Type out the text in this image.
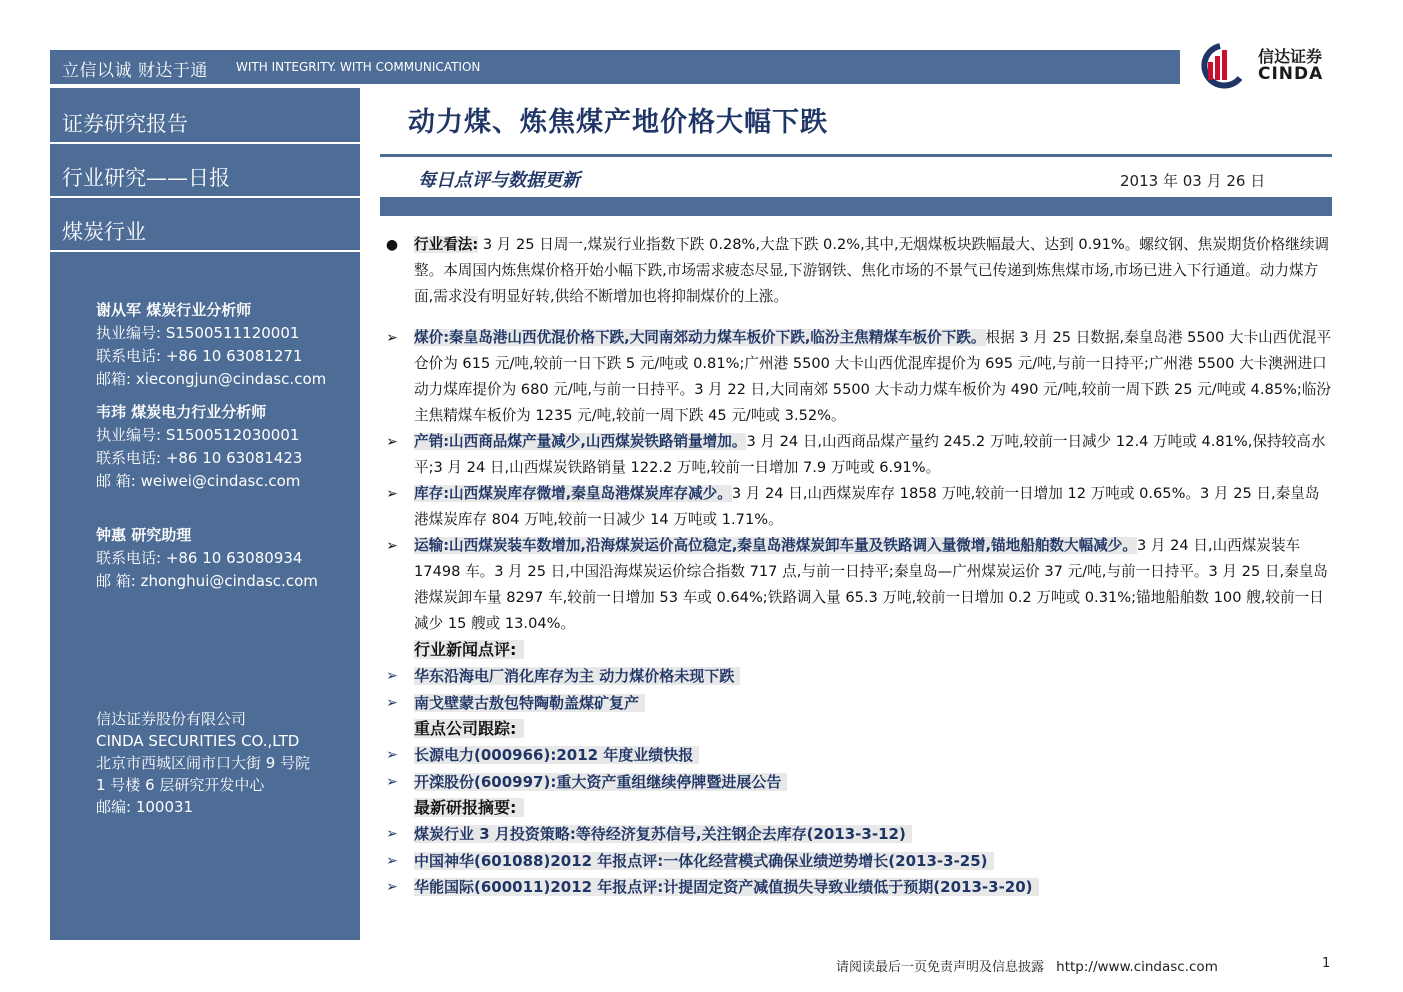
立信以诚 财达于通 WITH INTEGRITY. WITH COMMUNICATION
信达证券
CINDA
证券研究报告
行业研究——日报
煤炭行业
谢从军 煤炭行业分析师
执业编号: S1500511120001
联系电话: +86 10 63081271
邮箱: xiecongjun@cindasc.com
韦玮 煤炭电力行业分析师
执业编号: S1500512030001
联系电话: +86 10 63081423
邮 箱: weiwei@cindasc.com
钟惠 研究助理
联系电话: +86 10 63080934
邮 箱: zhonghui@cindasc.com
信达证券股份有限公司
CINDA SECURITIES CO.,LTD
北京市西城区闹市口大街 9 号院
1 号楼 6 层研究开发中心
邮编: 100031
动力煤、炼焦煤产地价格大幅下跌
每日点评与数据更新	2013 年 03 月 26 日
●	行业看法: 3 月 25 日周一,煤炭行业指数下跌 0.28%,大盘下跌 0.2%,其中,无烟煤板块跌幅最大、达到 0.91%。螺纹钢、焦炭期货价格继续调整。本周国内炼焦煤价格开始小幅下跌,市场需求疲态尽显,下游钢铁、焦化市场的不景气已传递到炼焦煤市场,市场已进入下行通道。动力煤方面,需求没有明显好转,供给不断增加也将抑制煤价的上涨。
➢	煤价:秦皇岛港山西优混价格下跌,大同南郊动力煤车板价下跌,临汾主焦精煤车板价下跌。根据 3 月 25 日数据,秦皇岛港 5500 大卡山西优混平仓价为 615 元/吨,较前一日下跌 5 元/吨或 0.81%;广州港 5500 大卡山西优混库提价为 695 元/吨,与前一日持平;广州港 5500 大卡澳洲进口动力煤库提价为 680 元/吨,与前一日持平。3 月 22 日,大同南郊 5500 大卡动力煤车板价为 490 元/吨,较前一周下跌 25 元/吨或 4.85%;临汾主焦精煤车板价为 1235 元/吨,较前一周下跌 45 元/吨或 3.52%。
➢	产销:山西商品煤产量减少,山西煤炭铁路销量增加。3 月 24 日,山西商品煤产量约 245.2 万吨,较前一日减少 12.4 万吨或 4.81%,保持较高水平;3 月 24 日,山西煤炭铁路销量 122.2 万吨,较前一日增加 7.9 万吨或 6.91%。
➢	库存:山西煤炭库存微增,秦皇岛港煤炭库存减少。3 月 24 日,山西煤炭库存 1858 万吨,较前一日增加 12 万吨或 0.65%。3 月 25 日,秦皇岛港煤炭库存 804 万吨,较前一日减少 14 万吨或 1.71%。
➢	运输:山西煤炭装车数增加,沿海煤炭运价高位稳定,秦皇岛港煤炭卸车量及铁路调入量微增,锚地船舶数大幅减少。3 月 24 日,山西煤炭装车 17498 车。3 月 25 日,中国沿海煤炭运价综合指数 717 点,与前一日持平;秦皇岛—广州煤炭运价 37 元/吨,与前一日持平。3 月 25 日,秦皇岛港煤炭卸车量 8297 车,较前一日增加 53 车或 0.64%;铁路调入量 65.3 万吨,较前一日增加 0.2 万吨或 0.31%;锚地船舶数 100 艘,较前一日减少 15 艘或 13.04%。
行业新闻点评:
➢	华东沿海电厂消化库存为主 动力煤价格未现下跌
➢	南戈壁蒙古敖包特陶勒盖煤矿复产
重点公司跟踪:
➢	长源电力(000966):2012 年度业绩快报
➢	开滦股份(600997):重大资产重组继续停牌暨进展公告
最新研报摘要:
➢	煤炭行业 3 月投资策略:等待经济复苏信号,关注钢企去库存(2013-3-12)
➢	中国神华(601088)2012 年报点评:一体化经营模式确保业绩逆势增长(2013-3-25)
➢	华能国际(600011)2012 年报点评:计提固定资产减值损失导致业绩低于预期(2013-3-20)
请阅读最后一页免责声明及信息披露 http://www.cindasc.com	1
